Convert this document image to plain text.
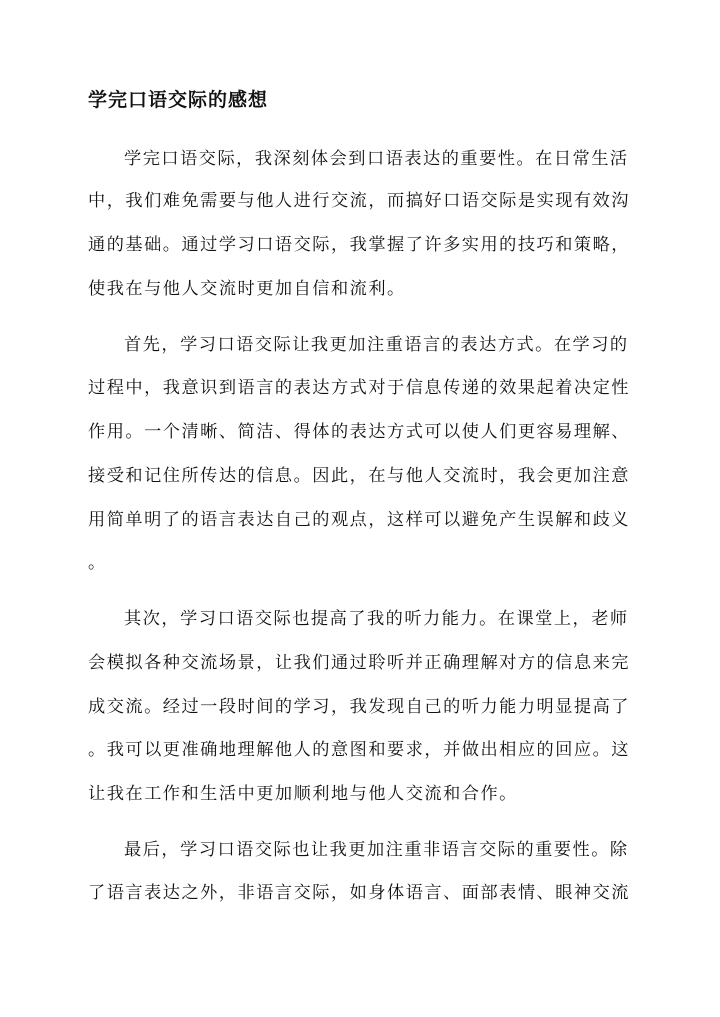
学完口语交际的感想
学完口语交际，我深刻体会到口语表达的重要性。在日常生活
中，我们难免需要与他人进行交流，而搞好口语交际是实现有效沟
通的基础。通过学习口语交际，我掌握了许多实用的技巧和策略，
使我在与他人交流时更加自信和流利。
首先，学习口语交际让我更加注重语言的表达方式。在学习的
过程中，我意识到语言的表达方式对于信息传递的效果起着决定性
作用。一个清晰、简洁、得体的表达方式可以使人们更容易理解、
接受和记住所传达的信息。因此，在与他人交流时，我会更加注意
用简单明了的语言表达自己的观点，这样可以避免产生误解和歧义
。
其次，学习口语交际也提高了我的听力能力。在课堂上，老师
会模拟各种交流场景，让我们通过聆听并正确理解对方的信息来完
成交流。经过一段时间的学习，我发现自己的听力能力明显提高了
。我可以更准确地理解他人的意图和要求，并做出相应的回应。这
让我在工作和生活中更加顺利地与他人交流和合作。
最后，学习口语交际也让我更加注重非语言交际的重要性。除
了语言表达之外，非语言交际，如身体语言、面部表情、眼神交流
